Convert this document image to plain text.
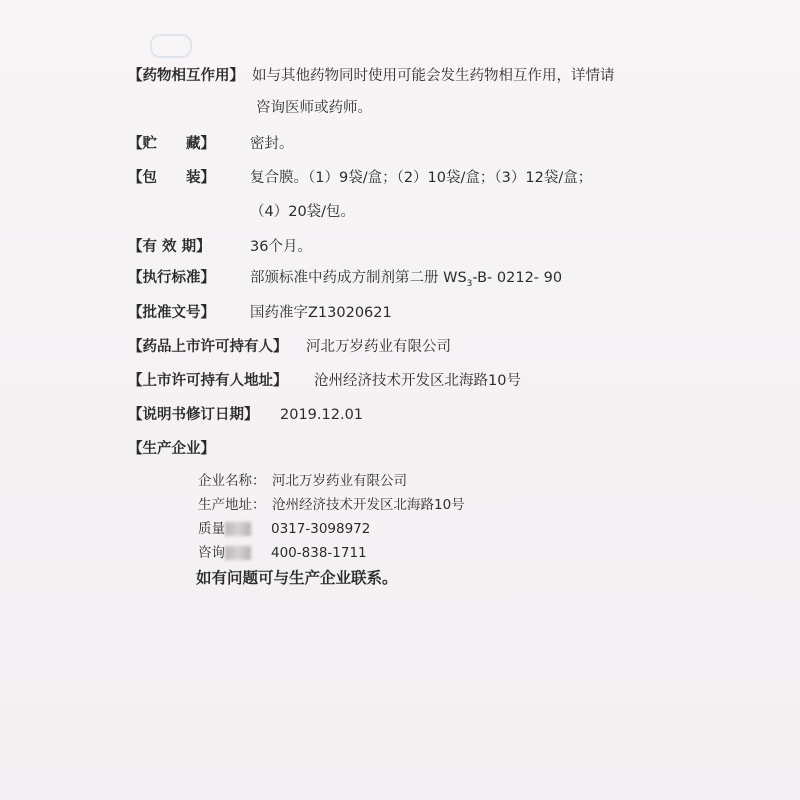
【药物相互作用】 如与其他药物同时使用可能会发生药物相互作用，详情请
咨询医师或药师。
【贮　　藏】 密封。
【包　　装】 复合膜。（1）9袋/盒；（2）10袋/盒；（3）12袋/盒；
（4）20袋/包。
【有 效 期】	36个月。
【执行标准】 部颁标准中药成方制剂第二册 $WS_3-B-$ 0212- 90
【批准文号】 国药准字Z13020621
【药品上市许可持有人】 河北万岁药业有限公司
【上市许可持有人地址】 沧州经济技术开发区北海路10号
【说明书修订日期】 2019.12.01
【生产企业】
企业名称： 河北万岁药业有限公司
生产地址： 沧州经济技术开发区北海路10号
质量	0317-3098972
咨询	400-838-1711
如有问题可与生产企业联系。
